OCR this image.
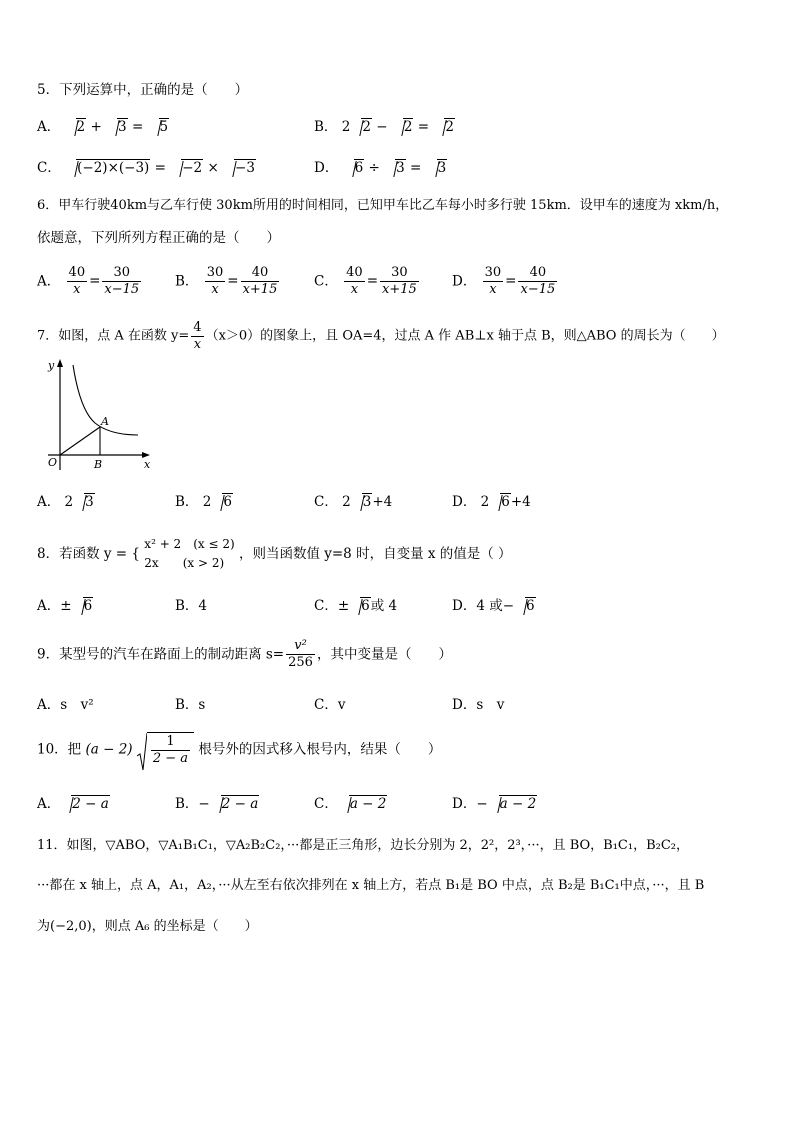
5．下列运算中，正确的是（　　）
A． 2 + 3 = 5	B． 2 2 − 2 = 2
C． (−2)×(−3) = −2 × −3	D． 6 ÷ 3 = 3
6．甲车行驶40km与乙车行使 30km所用的时间相同，已知甲车比乙车每小时多行驶 15km．设甲车的速度为 xkm/h，
依题意，下列所列方程正确的是（　　）
A． $\frac{40}{x} = \frac{30}{x-15}$	B． $\frac{30}{x} = \frac{40}{x+15}$	C． $\frac{40}{x} = \frac{30}{x+15}$ D． $\frac{30}{x} = \frac{40}{x-15}$
7．如图，点 A 在函数 $y= \frac{4}{x} (x>0)$的图象上，且 OA=4，过点 A 作 AB⊥x 轴于点 B，则△ABO 的周长为（　　）
y
x
O
A
B
A． 2 3	B． 2 6	C． 2 3+4	D． 2 6+4
8．若函数 y = {
x² + 2　(x ≤ 2)
2x　　(x > 2)
，则当函数值 y=8 时，自变量 x 的值是（ ）
A．± 6	B．4	C．± 6或 4	D．4 或− 6
9．某型号的汽车在路面上的制动距离 $s= \frac{\text{v²}}{256}$ ，其中变量是（　　）
A．s　v²	B．s	C．v	D．s　v
10．把 $(a - 2) \frac{1}{2 - a}$ 根号外的因式移入根号内，结果（　　）
A． 2 − a	B．− 2 − a	C． a − 2	D．− a − 2
11．如图，▽ABO，▽A₁B₁C₁，▽A₂B₂C₂，···都是正三角形，边长分别为 2，2²，2³，···，且 BO，B₁C₁，B₂C₂，
···都在 x 轴上，点 A，A₁，A₂，···从左至右依次排列在 x 轴上方，若点 B₁是 BO 中点，点 B₂是 B₁C₁中点，···，且 B
为(−2,0)，则点 A₆ 的坐标是（　　）
